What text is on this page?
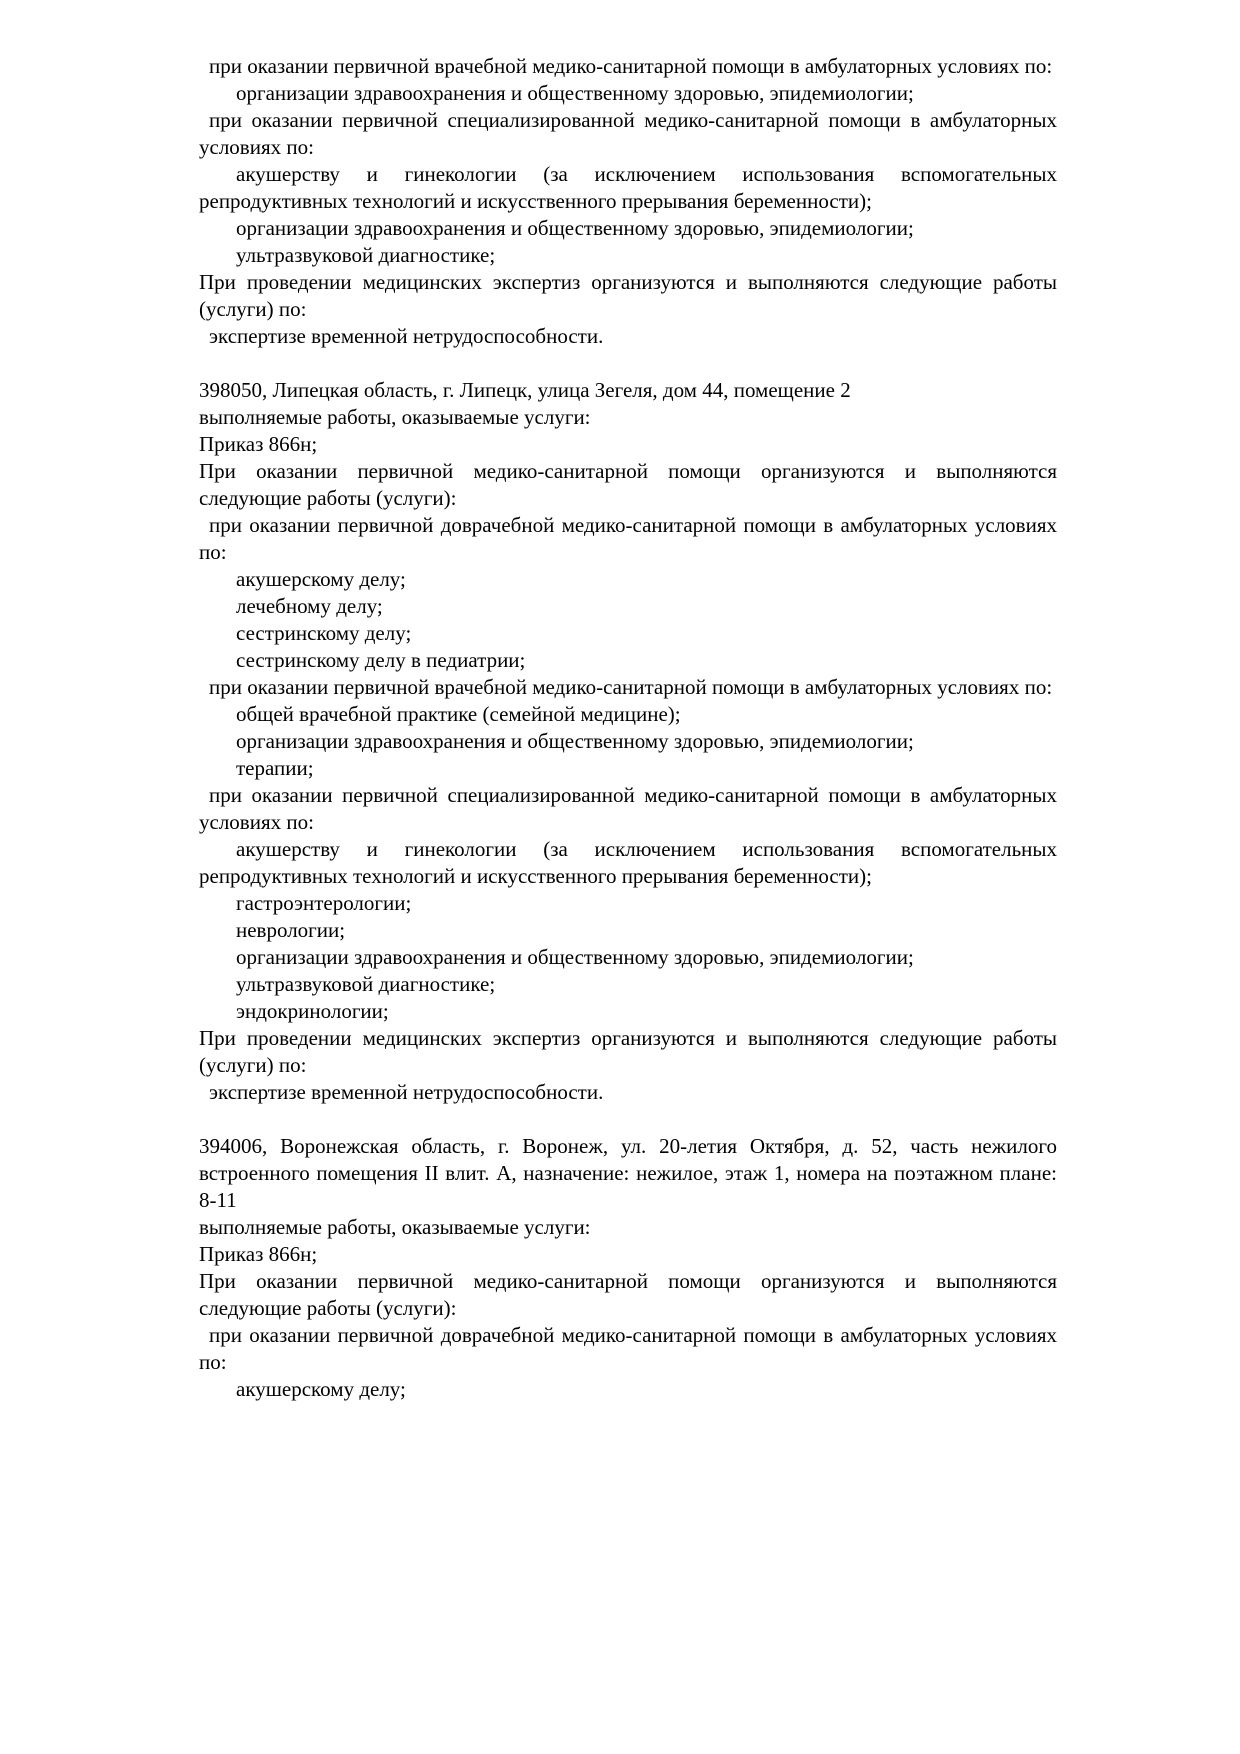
при оказании первичной врачебной медико-санитарной помощи в амбулаторных условиях по:

организации здравоохранения и общественному здоровью, эпидемиологии;

при оказании первичной специализированной медико-санитарной помощи в амбулаторных условиях по:

акушерству и гинекологии (за исключением использования вспомогательных репродуктивных технологий и искусственного прерывания беременности);

организации здравоохранения и общественному здоровью, эпидемиологии;

ультразвуковой диагностике;

При проведении медицинских экспертиз организуются и выполняются следующие работы (услуги) по:

экспертизе временной нетрудоспособности.

398050, Липецкая область, г. Липецк, улица Зегеля, дом 44, помещение 2

выполняемые работы, оказываемые услуги:

Приказ 866н;

При оказании первичной медико-санитарной помощи организуются и выполняются следующие работы (услуги):

при оказании первичной доврачебной медико-санитарной помощи в амбулаторных условиях по:

акушерскому делу;

лечебному делу;

сестринскому делу;

сестринскому делу в педиатрии;

при оказании первичной врачебной медико-санитарной помощи в амбулаторных условиях по:

общей врачебной практике (семейной медицине);

организации здравоохранения и общественному здоровью, эпидемиологии;

терапии;

при оказании первичной специализированной медико-санитарной помощи в амбулаторных условиях по:

акушерству и гинекологии (за исключением использования вспомогательных репродуктивных технологий и искусственного прерывания беременности);

гастроэнтерологии;

неврологии;

организации здравоохранения и общественному здоровью, эпидемиологии;

ультразвуковой диагностике;

эндокринологии;

При проведении медицинских экспертиз организуются и выполняются следующие работы (услуги) по:

экспертизе временной нетрудоспособности.

394006, Воронежская область, г. Воронеж, ул. 20-летия Октября, д. 52, часть нежилого встроенного помещения II влит. А, назначение: нежилое, этаж 1, номера на поэтажном плане: 8-11

выполняемые работы, оказываемые услуги:

Приказ 866н;

При оказании первичной медико-санитарной помощи организуются и выполняются следующие работы (услуги):

при оказании первичной доврачебной медико-санитарной помощи в амбулаторных условиях по:

акушерскому делу;
